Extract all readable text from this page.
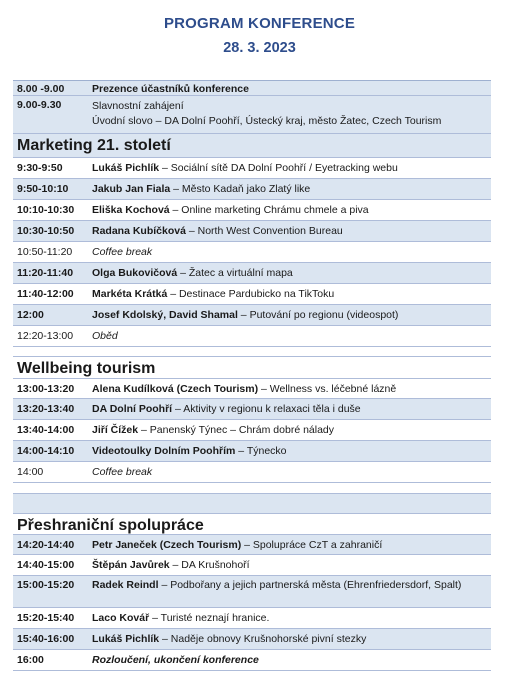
PROGRAM KONFERENCE
28. 3. 2023
8.00 -9.00	Prezence účastníků konference
9.00-9.30	Slavnostní zahájení
Úvodní slovo – DA Dolní Poohří, Ústecký kraj, město Žatec, Czech Tourism
Marketing 21. století
9:30-9:50	Lukáš Pichlík – Sociální sítě DA Dolní Poohří / Eyetracking webu
9:50-10:10	Jakub Jan Fiala – Město Kadaň jako Zlatý like
10:10-10:30	Eliška Kochová – Online marketing Chrámu chmele a piva
10:30-10:50	Radana Kubíčková – North West Convention Bureau
10:50-11:20	Coffee break
11:20-11:40	Olga Bukovičová – Žatec a virtuální mapa
11:40-12:00	Markéta Krátká – Destinace Pardubicko na TikToku
12:00	Josef Kdolský, David Shamal – Putování po regionu (videospot)
12:20-13:00	Oběd
Wellbeing tourism
13:00-13:20	Alena Kudílková (Czech Tourism) – Wellness vs. léčebné lázně
13:20-13:40	DA Dolní Poohří – Aktivity v regionu k relaxaci těla i duše
13:40-14:00	Jiří Čížek – Panenský Týnec – Chrám dobré nálady
14:00-14:10	Videotoulky Dolním Poohřím – Týnecko
14:00	Coffee break
Přeshraniční spolupráce
14:20-14:40	Petr Janeček (Czech Tourism) – Spolupráce CzT a zahraničí
14:40-15:00	Štěpán Javůrek – DA Krušnohoří
15:00-15:20	Radek Reindl – Podbořany a jejich partnerská města (Ehrenfriedersdorf, Spalt)
15:20-15:40	Laco Kovář – Turisté neznají hranice.
15:40-16:00	Lukáš Pichlík – Naděje obnovy Krušnohorské pivní stezky
16:00	Rozloučení, ukončení konference
